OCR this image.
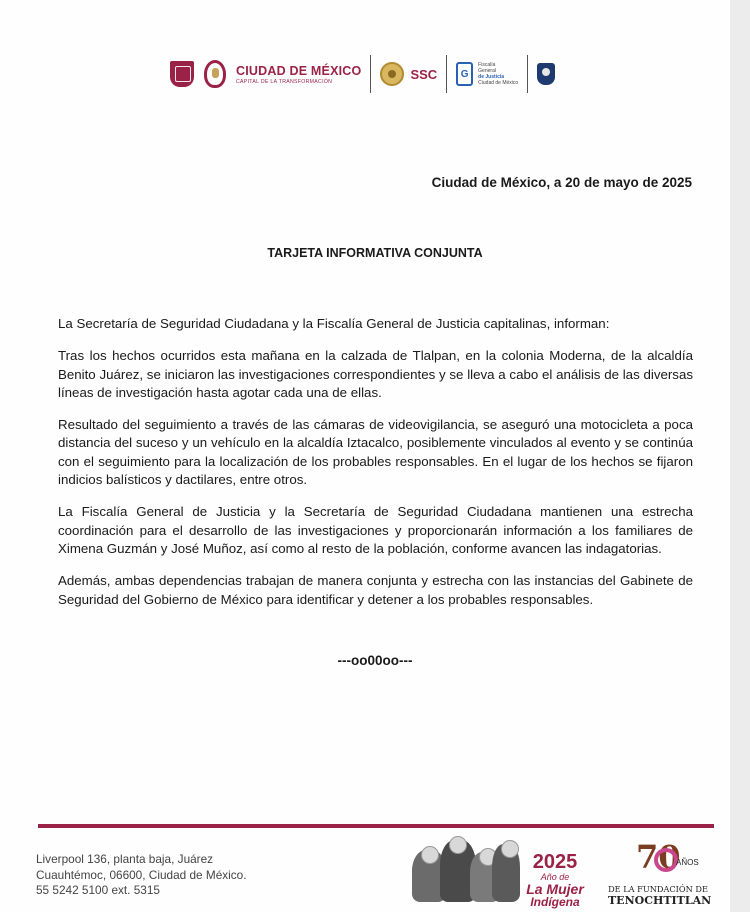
CIUDAD DE MÉXICO
CAPITAL DE LA TRANSFORMACIÓN	SSC	G
Fiscalía
General
de Justicia
Ciudad de México
Ciudad de México, a 20 de mayo de 2025
TARJETA INFORMATIVA CONJUNTA

La Secretaría de Seguridad Ciudadana y la Fiscalía General de Justicia capitalinas, informan:

Tras los hechos ocurridos esta mañana en la calzada de Tlalpan, en la colonia Moderna, de la alcaldía Benito Juárez, se iniciaron las investigaciones correspondientes y se lleva a cabo el análisis de las diversas líneas de investigación hasta agotar cada una de ellas.

Resultado del seguimiento a través de las cámaras de videovigilancia, se aseguró una motocicleta a poca distancia del suceso y un vehículo en la alcaldía Iztacalco, posiblemente vinculados al evento y se continúa con el seguimiento para la localización de los probables responsables. En el lugar de los hechos se fijaron indicios balísticos y dactilares, entre otros.

La Fiscalía General de Justicia y la Secretaría de Seguridad Ciudadana mantienen una estrecha coordinación para el desarrollo de las investigaciones y proporcionarán información a los familiares de Ximena Guzmán y José Muñoz, así como al resto de la población, conforme avancen las indagatorias.

Además, ambas dependencias trabajan de manera conjunta y estrecha con las instancias del Gabinete de Seguridad del Gobierno de México para identificar y detener a los probables responsables.

---oo00oo---
Liverpool 136, planta baja, Juárez
Cuauhtémoc, 06600, Ciudad de México.
55 5242 5100 ext. 5315
2025
Año de
La Mujer
Indígena
70
AÑOS
DE LA FUNDACIÓN DE
TENOCHTITLAN
